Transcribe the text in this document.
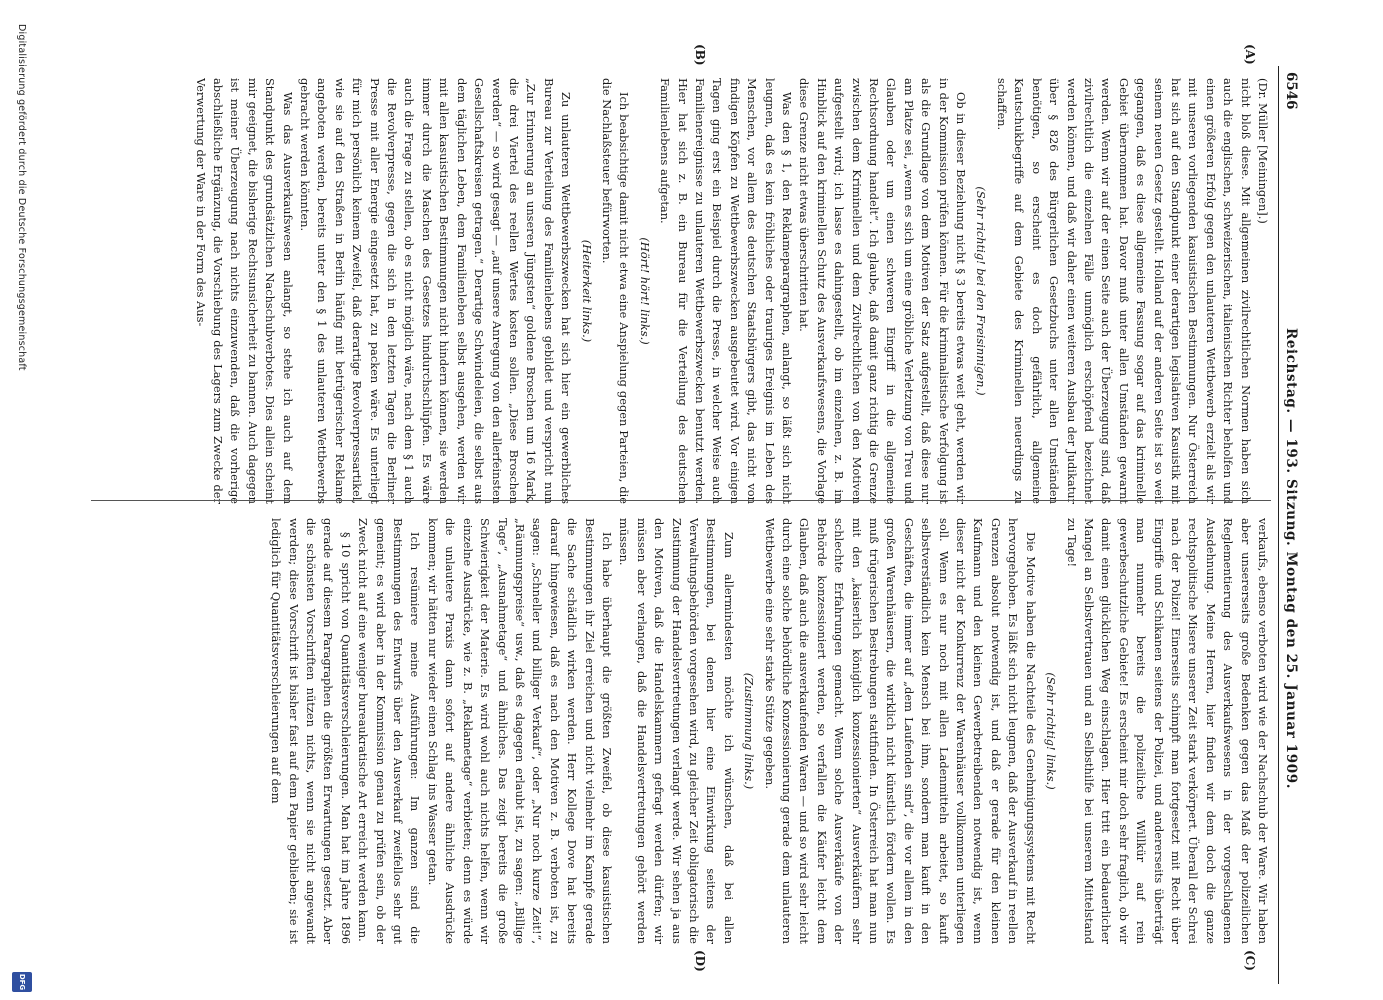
6546
Reichstag. — 193. Sitzung. Montag den 25. Januar 1909.
(A)
(B)
(C)
(D)

(Dr. Müller [Meiningen].)

nicht bloß diese. Mit allgemeinen zivilrechtlichen Normen haben sich auch die englischen, schweizerischen, italienischen Richter beholfen und einen größeren Erfolg gegen den unlauteren Wettbewerb erzielt als wir mit unseren vorliegenden kasuistischen Bestimmungen. Nur Österreich hat sich auf den Standpunkt einer derartigen legislativen Kasuistik mit seinem neuen Gesetz gestellt. Holland auf der anderen Seite ist so weit gegangen, daß es diese allgemeine Fassung sogar auf das kriminelle Gebiet übernommen hat. Davor muß unter allen Umständen gewarnt werden. Wenn wir auf der einen Seite auch der Überzeugung sind, daß zivilrechtlich die einzelnen Fälle unmöglich erschöpfend bezeichnet werden können, und daß wir daher einen weiteren Ausbau der Judikatur über § 826 des Bürgerlichen Gesetzbuchs unter allen Umständen benötigen, so erscheint es doch gefährlich, allgemeine Kautschukbegriffe auf dem Gebiete des Kriminellen neuerdings zu schaffen.

(Sehr richtig! bei den Freisinnigen.)

Ob in dieser Beziehung nicht § 3 bereits etwas weit geht, werden wir in der Kommission prüfen können. Für die kriminalistische Verfolgung ist als die Grundlage von dem Motiven der Satz aufgestellt, daß diese nur am Platze sei, „wenn es sich um eine gröbliche Verletzung von Treu und Glauben oder um einen schweren Eingriff in die allgemeine Rechtsordnung handelt“. Ich glaube, daß damit ganz richtig die Grenze zwischen dem Kriminellen und dem Zivilrechtlichen von den Motiven aufgestellt wird; ich lasse es dahingestellt, ob im einzelnen, z. B. im Hinblick auf den kriminellen Schutz des Ausverkaufswesens, die Vorlage diese Grenze nicht etwas überschritten hat.

Was den § 1, den Reklameparagraphen, anlangt, so läßt sich nicht leugnen, daß es kein fröhliches oder trauriges Ereignis im Leben des Menschen, vor allem des deutschen Staatsbürgers gibt, das nicht von findigen Köpfen zu Wettbewerbszwecken ausgebeutet wird. Vor einigen Tagen ging erst ein Beispiel durch die Presse, in welcher Weise auch Familienereignisse zu unlauteren Wettbewerbszwecken benutzt werden. Hier hat sich z. B. ein Bureau für die Verteilung des deutschen Familienlebens aufgetan.

(Hört! hört! links.)

Ich beabsichtige damit nicht etwa eine Anspielung gegen Parteien, die die Nachlaßsteuer befürworten.

(Heiterkeit links.)

Zu unlauteren Wettbewerbszwecken hat sich hier ein gewerbliches Bureau zur Verteilung des Familienlebens gebildet und verspricht nun „Zur Erinnerung an unseren Jüngsten“ goldene Broschen um 16 Mark, die drei Viertel des reellen Wertes kosten sollen. „Diese Broschen werden“ — so wird gesagt — „auf unsere Anregung von den allerfeinsten Gesellschaftskreisen getragen.“ Derartige Schwindeleien, die selbst aus dem täglichen Leben, dem Familienleben selbst ausgehen, werden wir mit allen kasuistischen Bestimmungen nicht hindern können, sie werden immer durch die Maschen des Gesetzes hindurchschlüpfen. Es wäre auch die Frage zu stellen, ob es nicht möglich wäre, nach dem § 1 auch die Revolverpresse, gegen die sich in den letzten Tagen die Berliner Presse mit aller Energie eingesetzt hat, zu packen wäre. Es unterliegt für mich persönlich keinem Zweifel, daß derartige Revolverpressartikel, wie sie auf den Straßen in Berlin häufig mit betrügerischer Reklame angeboten werden, bereits unter den § 1 des unlauteren Wettbewerbs gebracht werden könnten.

Was das Ausverkaufswesen anlangt, so stehe ich auch auf dem Standpunkt des grundsätzlichen Nachschubverbotes. Dies allein scheint mir geeignet, die bisherige Rechtsunsicherheit zu bannen. Auch dagegen ist meiner Überzeugung nach nichts einzuwenden, daß die vorherige abschließliche Ergänzung, die Vorschiebung des Lagers zum Zwecke der Verwertung der Ware in der Form des Aus-

verkaufs, ebenso verboten wird wie der Nachschub der Ware. Wir haben aber unsererseits große Bedenken gegen das Maß der polizeilichen Reglementierung des Ausverkaufswesens in der vorgeschlagenen Ausdehnung. Meine Herren, hier finden wir dem doch die ganze rechtspolitische Misere unserer Zeit stark verkörpert. Überall der Schrei nach der Polizei! Einerseits schimpft man fortgesetzt mit Recht über Eingriffe und Schikanen seitens der Polizei, und andererseits überträgt man nunmehr bereits die polizeiliche Willkür auf rein gewerbeschutzliche Gebiete! Es erscheint mir doch sehr fraglich, ob wir damit einen glücklichen Weg einschlagen. Hier tritt ein bedauerlicher Mangel an Selbstvertrauen und an Selbsthilfe bei unserem Mittelstand zu Tage!

(Sehr richtig! links.)

Die Motive haben die Nachteile des Genehmigungssystems mit Recht hervorgehoben. Es läßt sich nicht leugnen, daß der Ausverkauf in reellen Grenzen absolut notwendig ist, und daß er gerade für den kleinen Kaufmann und den kleinen Gewerbetreibenden notwendig ist, wenn dieser nicht der Konkurrenz der Warenhäuser vollkommen unterliegen soll. Wenn es nur noch mit allen Ladenmitteln arbeitet, so kauft selbstverständlich kein Mensch bei ihm, sondern man kauft in den Geschäften, die immer auf „dem Laufenden sind“, die vor allem in den großen Warenhäusern, die wirklich nicht künstlich fördern wollen. Es muß trügerischen Bestrebungen stattfinden. In Österreich hat man nun mit den „kaiserlich königlich konzessionierten“ Ausverkäufern sehr schlechte Erfahrungen gemacht. Wenn solche Ausverkäufe von der Behörde konzessioniert werden, so verfallen die Käufer leicht dem Glauben, daß auch die ausverkaufenden Waren — und so wird sehr leicht durch eine solche behördliche Konzessionierung gerade dem unlauteren Wettbewerbe eine sehr starke Stütze gegeben.

(Zustimmung links.)

Zum allermindesten möchte ich wünschen, daß bei allen Bestimmungen, bei denen hier eine Einwirkung seitens der Verwaltungsbehörden vorgesehen wird, zu gleicher Zeit obligatorisch die Zustimmung der Handelsvertretungen verlangt werde. Wir sehen ja aus den Motiven, daß die Handelskammern gefragt werden dürfen; wir müssen aber verlangen, daß die Handelsvertretungen gehört werden müssen.

Ich habe überhaupt die größten Zweifel, ob diese kasuistischen Bestimmungen ihr Ziel erreichen und nicht vielmehr im Kampfe gerade die Sache schädlich wirken werden. Herr Kollege Dove hat bereits darauf hingewiesen, daß es nach den Motiven z. B. verboten ist, zu sagen: „Schneller und billiger Verkauf“, oder „Nur noch kurze Zeit!“, „Räumungspreise“ usw., daß es dagegen erlaubt ist, zu sagen: „Billige Tage“, „Ausnahmetage“ und ähnliches. Das zeigt bereits die große Schwierigkeit der Materie. Es wird wohl auch nichts helfen, wenn wir einzelne Ausdrücke, wie z. B. „Reklametage“ verbieten; denn es würde die unlautere Praxis dann sofort auf andere ähnliche Ausdrücke kommen; wir hätten nur wieder einen Schlag ins Wasser getan.

Ich resümiere meine Ausführungen: Im ganzen sind die Bestimmungen des Entwurfs über den Ausverkauf zweifellos sehr gut gemeint; es wird aber in der Kommission genau zu prüfen sein, ob der Zweck nicht auf eine weniger bureaukratische Art erreicht werden kann.

§ 10 spricht von Quantitätsverschleierungen. Man hat im Jahre 1896 gerade auf diesem Paragraphen die größten Erwartungen gesetzt. Aber die schönsten Vorschriften nützen nichts, wenn sie nicht angewandt werden; diese Vorschrift ist bisher fast auf dem Papier geblieben; sie ist lediglich für Quantitätsverschleierungen auf dem

Digitalisierung gefördert durch die Deutsche Forschungsgemeinschaft
DFG
